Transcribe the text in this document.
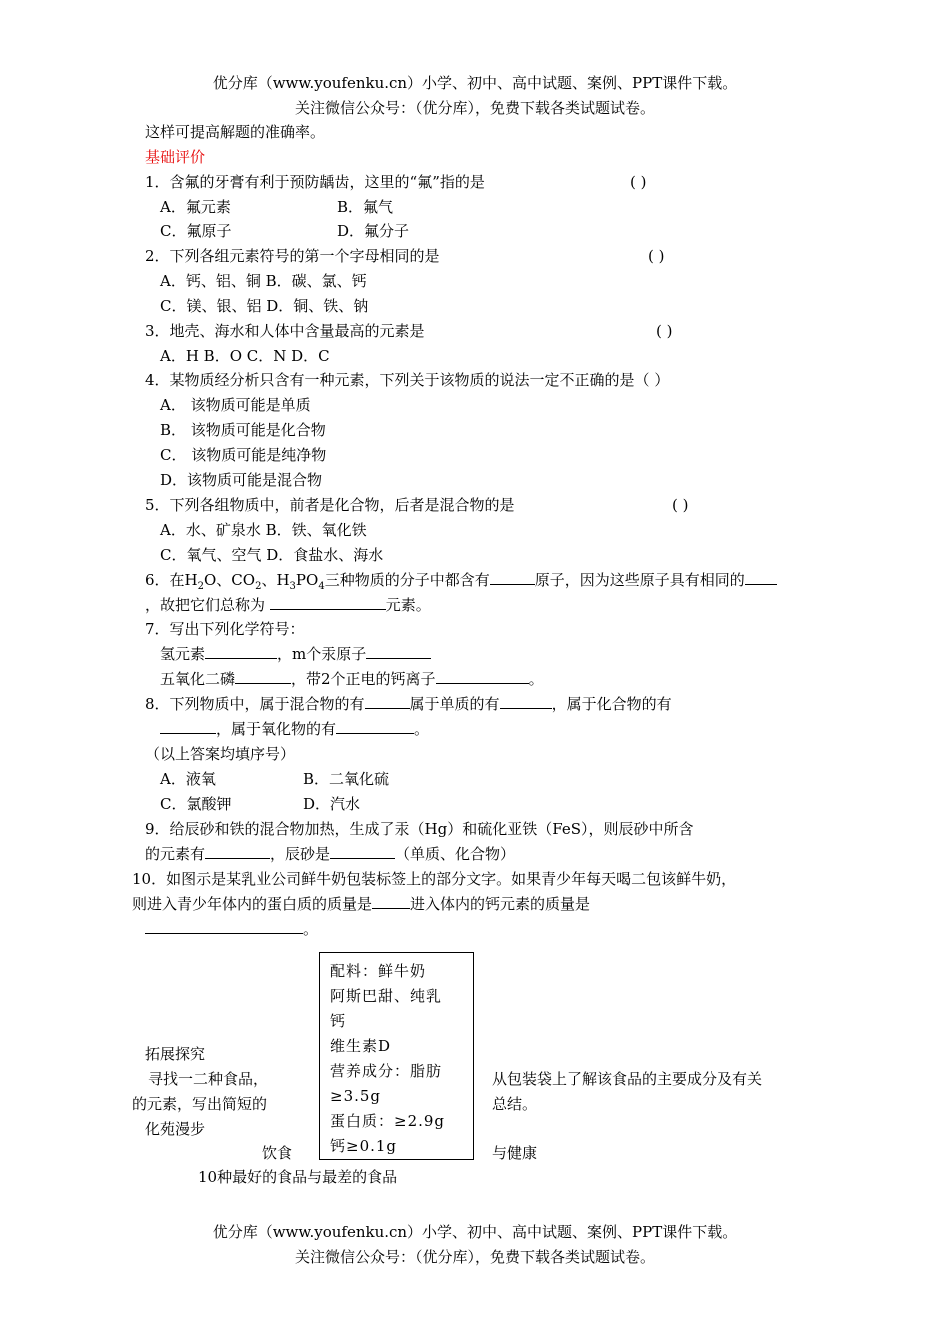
优分库（www.youfenku.cn）小学、初中、高中试题、案例、PPT课件下载。
关注微信公众号：（优分库），免费下载各类试题试卷。
这样可提高解题的准确率。
基础评价
1．含氟的牙膏有利于预防龋齿，这里的“氟”指的是	( )
A．氟元素	B．氟气
C．氟原子	D．氟分子
2．下列各组元素符号的第一个字母相同的是	( )
A．钙、铝、铜 B．碳、氯、钙
C．镁、银、铝 D．铜、铁、钠
3．地壳、海水和人体中含量最高的元素是	( )
A．H B．O C．N D．C
4．某物质经分析只含有一种元素，下列关于该物质的说法一定不正确的是（ ）
A． 该物质可能是单质
B． 该物质可能是化合物
C． 该物质可能是纯净物
D．该物质可能是混合物
5．下列各组物质中，前者是化合物，后者是混合物的是	( )
A．水、矿泉水 B．铁、氧化铁
C．氧气、空气 D．食盐水、海水
6．在$H_2O$、$CO_2$、$H_3PO_4$三种物质的分子中都含有	原子，因为这些原子具有相同的
，故把它们总称为	元素。
7．写出下列化学符号：
氢元素	，m个汞原子
五氧化二磷	，带2个正电的钙离子	。
8．下列物质中，属于混合物的有	属于单质的有	，属于化合物的有
，属于氧化物的有	。
（以上答案均填序号）
A．液氧	B．二氧化硫
C．氯酸钾	D．汽水
9．给辰砂和铁的混合物加热，生成了汞（Hg）和硫化亚铁（FeS），则辰砂中所含
的元素有	，辰砂是	（单质、化合物）
10．如图示是某乳业公司鲜牛奶包装标签上的部分文字。如果青少年每天喝二包该鲜牛奶，
则进入青少年体内的蛋白质的质量是	进入体内的钙元素的质量是
。
配料：鲜牛奶
阿斯巴甜、纯乳
钙
维生素D
营养成分：脂肪
≥3.5g
蛋白质：≥2.9g
钙≥0.1g
拓展探究
寻找一二种食品，	从包装袋上了解该食品的主要成分及有关
的元素，写出简短的	总结。
化苑漫步
饮食	与健康
10种最好的食品与最差的食品
优分库（www.youfenku.cn）小学、初中、高中试题、案例、PPT课件下载。
关注微信公众号：（优分库），免费下载各类试题试卷。
